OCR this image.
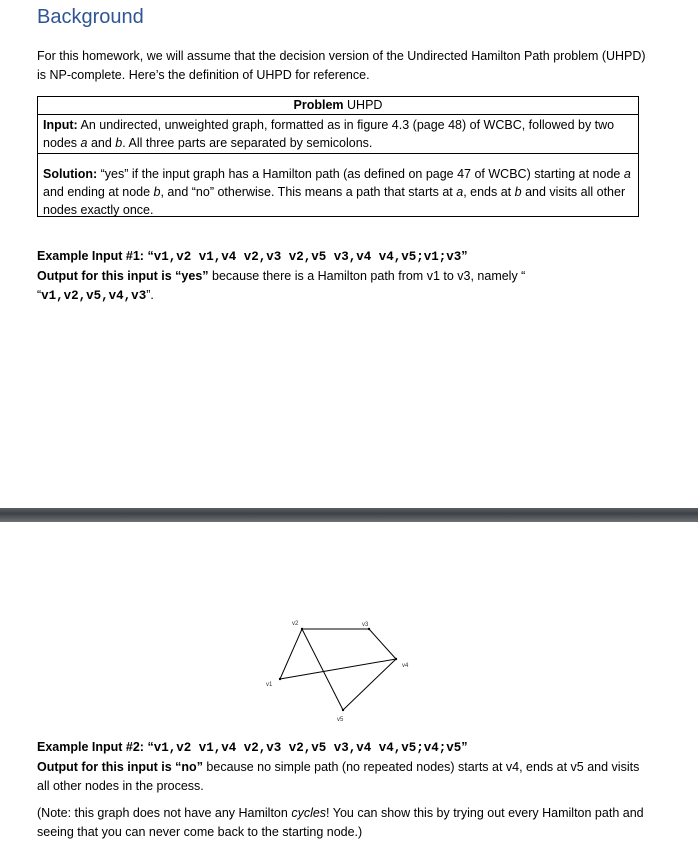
Background
For this homework, we will assume that the decision version of the Undirected Hamilton Path problem (UHPD) is NP-complete. Here’s the definition of UHPD for reference.
Problem UHPD
Input: An undirected, unweighted graph, formatted as in figure 4.3 (page 48) of WCBC, followed by two nodes a and b. All three parts are separated by semicolons.
Solution: “yes” if the input graph has a Hamilton path (as defined on page 47 of WCBC) starting at node a and ending at node b, and “no” otherwise. This means a path that starts at a, ends at b and visits all other nodes exactly once.
Example Input #1: “v1,v2 v1,v4 v2,v3 v2,v5 v3,v4 v4,v5;v1;v3”
Output for this input is “yes” because there is a Hamilton path from v1 to v3, namely “
“v1,v2,v5,v4,v3”.
v1
v2	v3
v4
v5
Example Input #2: “v1,v2 v1,v4 v2,v3 v2,v5 v3,v4 v4,v5;v4;v5”
Output for this input is “no” because no simple path (no repeated nodes) starts at v4, ends at v5 and visits all other nodes in the process.
(Note: this graph does not have any Hamilton cycles! You can show this by trying out every Hamilton path and seeing that you can never come back to the starting node.)
